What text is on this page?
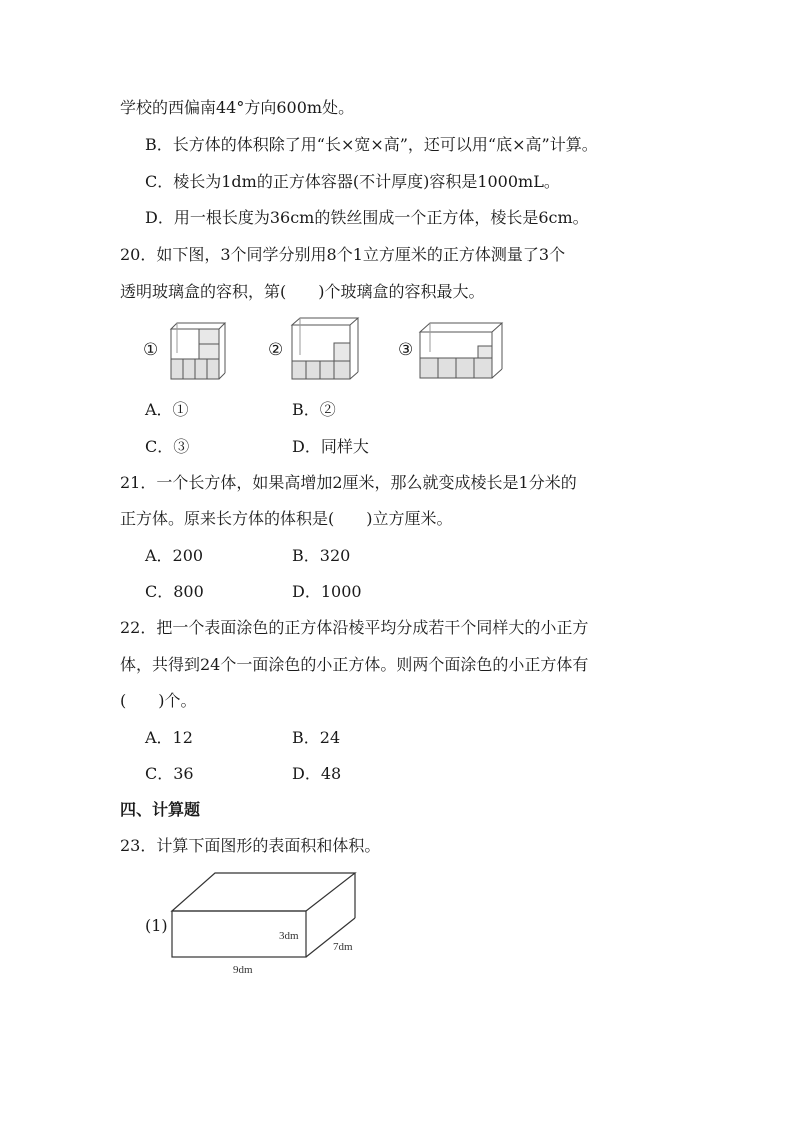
学校的西偏南44°方向600m处。
B．长方体的体积除了用“长×宽×高”，还可以用“底×高”计算。
C．棱长为1dm的正方体容器(不计厚度)容积是1000mL。
D．用一根长度为36cm的铁丝围成一个正方体，棱长是6cm。
20．如下图，3个同学分别用8个1立方厘米的正方体测量了3个
透明玻璃盒的容积，第(　　)个玻璃盒的容积最大。
①	②	③
A．①	B．②
C．③	D．同样大
21．一个长方体，如果高增加2厘米，那么就变成棱长是1分米的
正方体。原来长方体的体积是(　　)立方厘米。
A．200	B．320
C．800	D．1000
22．把一个表面涂色的正方体沿棱平均分成若干个同样大的小正方
体，共得到24个一面涂色的小正方体。则两个面涂色的小正方体有
(　　)个。
A．12	B．24
C．36	D．48
四、计算题
23．计算下面图形的表面积和体积。
(1)
3dm
7dm
9dm
